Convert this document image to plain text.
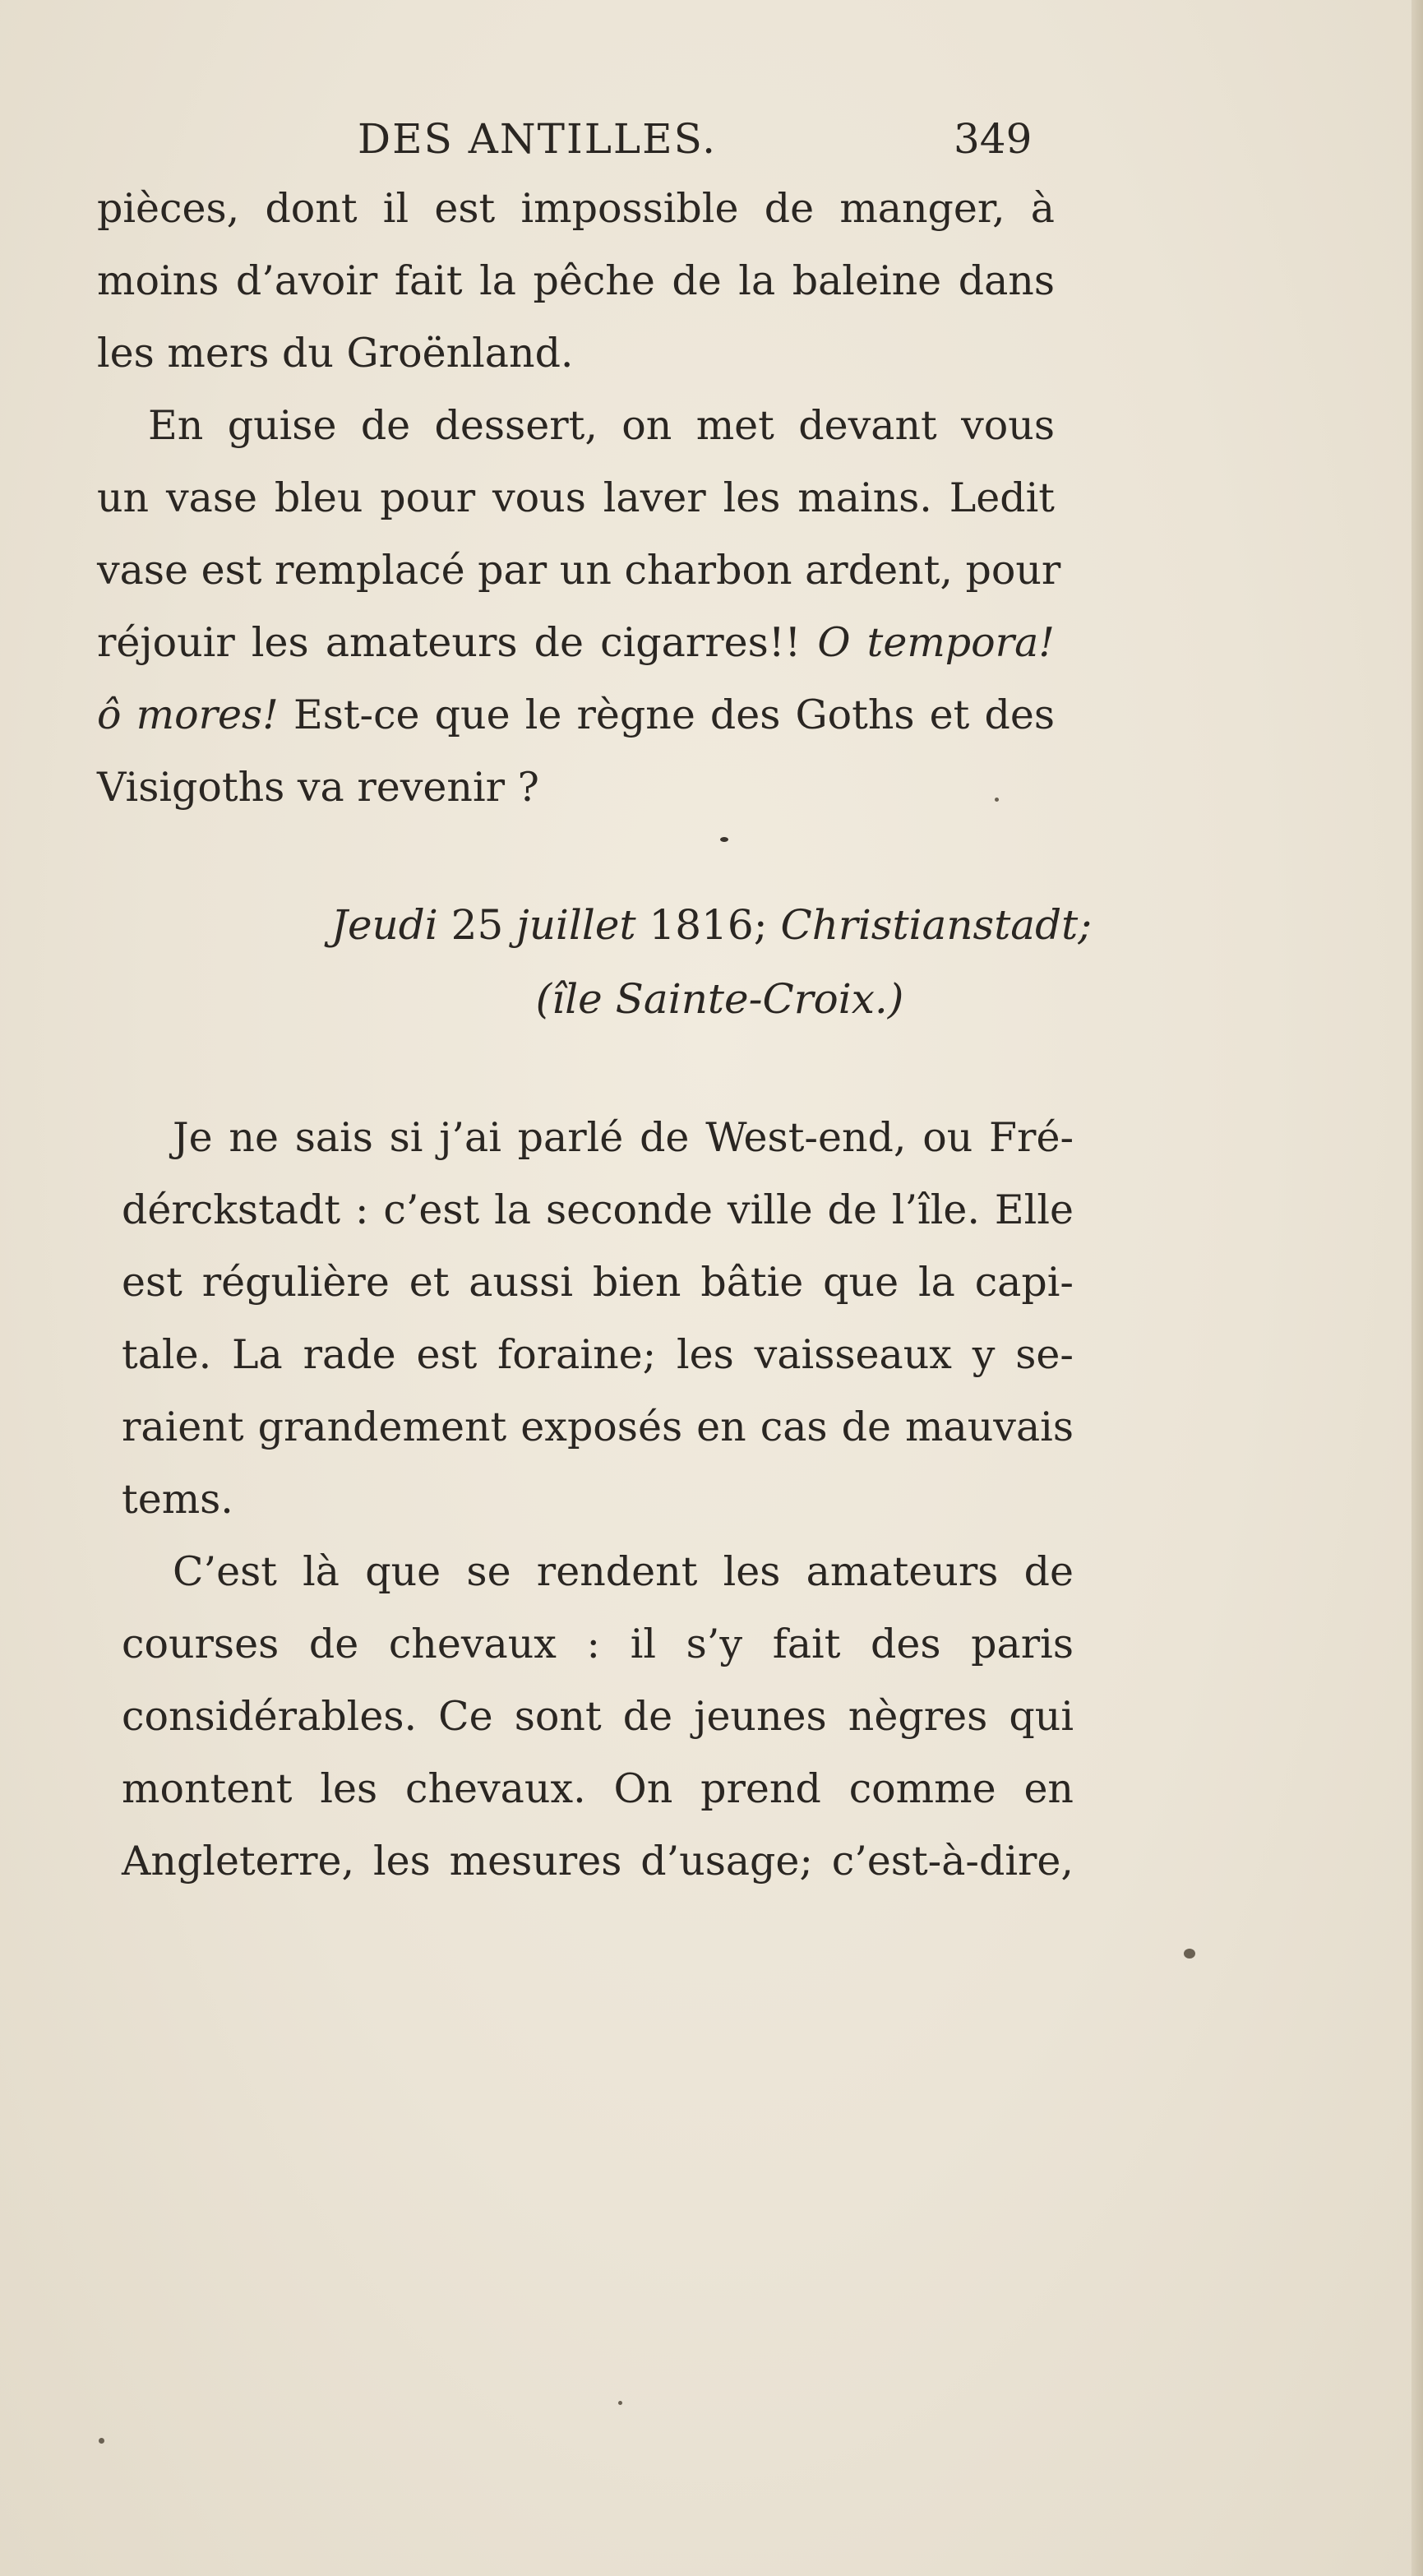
DES ANTILLES.	349
pièces, dont il est impossible de manger, à
moins d’avoir fait la pêche de la baleine dans
les mers du Groënland.
En guise de dessert, on met devant vous
un vase bleu pour vous laver les mains. Ledit
vase est remplacé par un charbon ardent, pour
réjouir les amateurs de cigarres!! O tempora!
ô mores! Est-ce que le règne des Goths et des
Visigoths va revenir ?
Jeudi 25 juillet 1816; Christianstadt;
(île Sainte-Croix.)
Je ne sais si j’ai parlé de West-end, ou Fré-
dérckstadt : c’est la seconde ville de l’île. Elle
est régulière et aussi bien bâtie que la capi-
tale. La rade est foraine; les vaisseaux y se-
raient grandement exposés en cas de mauvais
tems.
C’est là que se rendent les amateurs de
courses de chevaux : il s’y fait des paris
considérables. Ce sont de jeunes nègres qui
montent les chevaux. On prend comme en
Angleterre, les mesures d’usage; c’est-à-dire,
